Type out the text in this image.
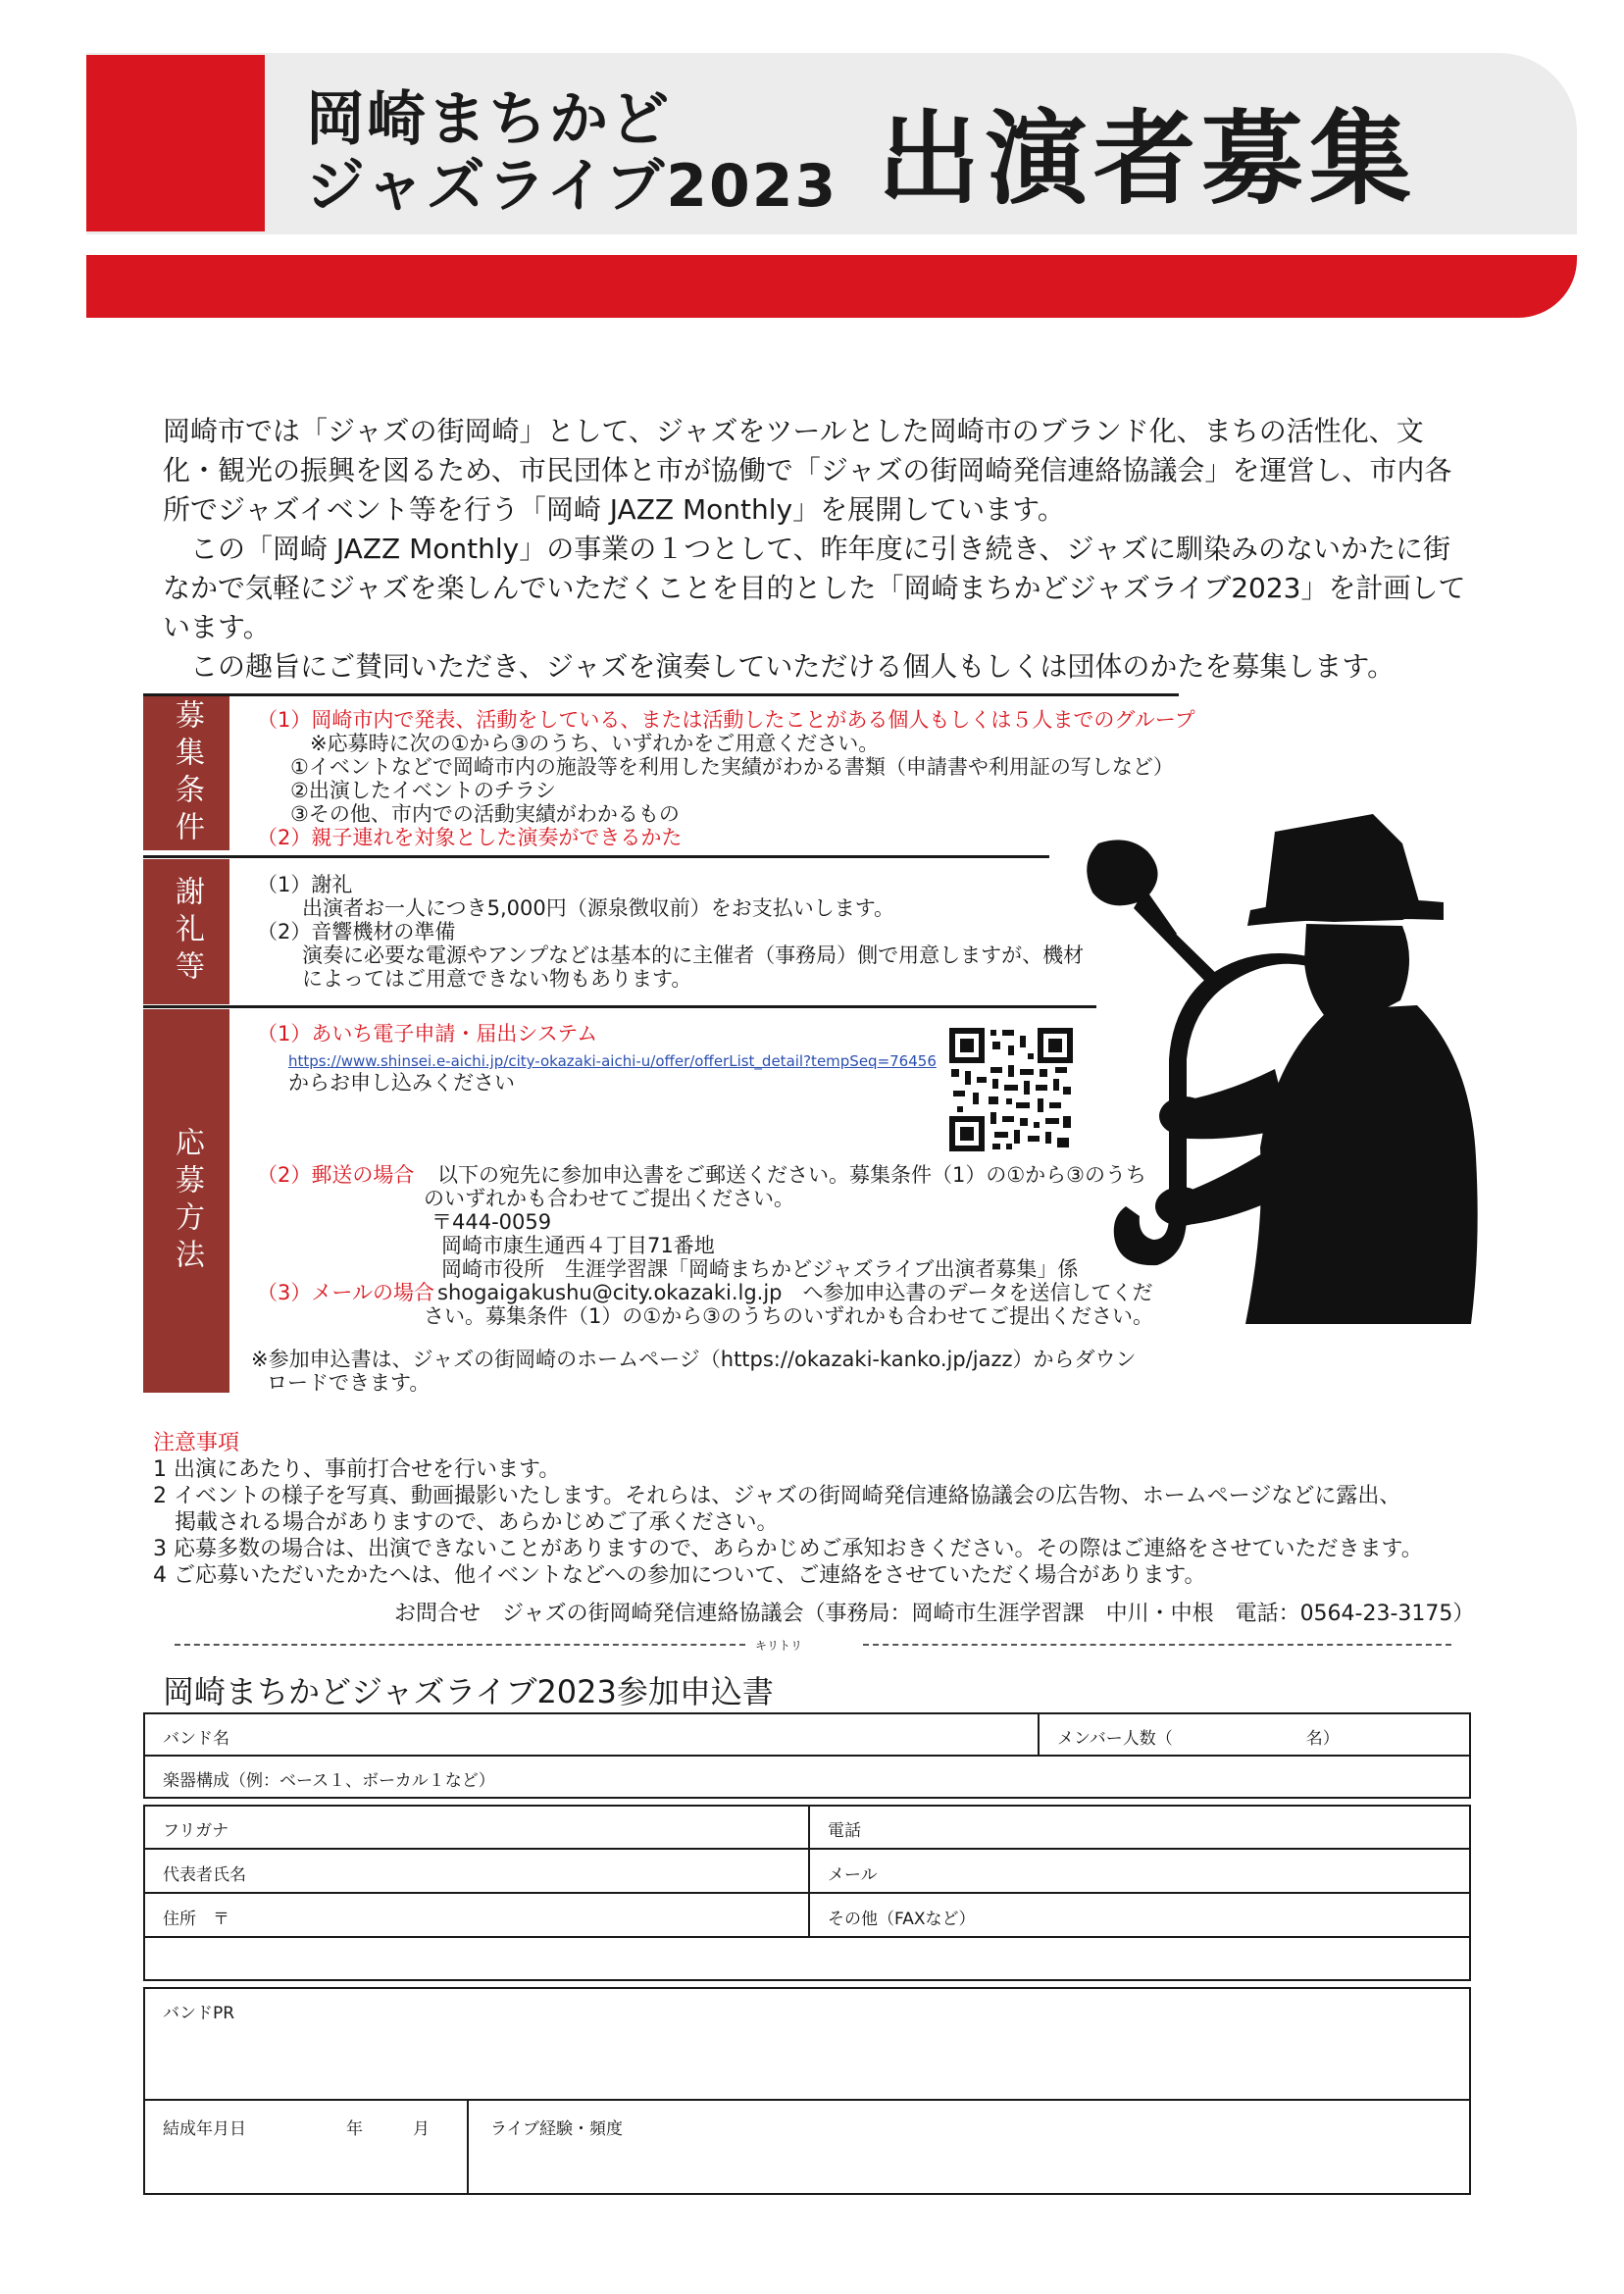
岡崎まちかど
ジャズライブ2023 出演者募集

岡崎市では「ジャズの街岡崎」として、ジャズをツールとした岡崎市のブランド化、まちの活性化、文化・観光の振興を図るため、市民団体と市が協働で「ジャズの街岡崎発信連絡協議会」を運営し、市内各所でジャズイベント等を行う「岡崎 JAZZ Monthly」を展開しています。

この「岡崎 JAZZ Monthly」の事業の１つとして、昨年度に引き続き、ジャズに馴染みのないかたに街なかで気軽にジャズを楽しんでいただくことを目的とした「岡崎まちかどジャズライブ2023」を計画しています。

この趣旨にご賛同いただき、ジャズを演奏していただける個人もしくは団体のかたを募集します。

募集条件	（1）岡崎市内で発表、活動をしている、または活動したことがある個人もしくは５人までのグループ
※応募時に次の①から③のうち、いずれかをご用意ください。
①イベントなどで岡崎市内の施設等を利用した実績がわかる書類（申請書や利用証の写しなど）
②出演したイベントのチラシ
③その他、市内での活動実績がわかるもの
（2）親子連れを対象とした演奏ができるかた
謝礼等	（1）謝礼
出演者お一人につき5,000円（源泉徴収前）をお支払いします。
（2）音響機材の準備
演奏に必要な電源やアンプなどは基本的に主催者（事務局）側で用意しますが、機材
によってはご用意できない物もあります。
応募方法
（1）あいち電子申請・届出システム
https://www.shinsei.e-aichi.jp/city-okazaki-aichi-u/offer/offerList_detail?tempSeq=76456
からお申し込みください
（2）郵送の場合 以下の宛先に参加申込書をご郵送ください。募集条件（1）の①から③のうち
のいずれかも合わせてご提出ください。
〒444-0059
岡崎市康生通西４丁目71番地
岡崎市役所　生涯学習課「岡崎まちかどジャズライブ出演者募集」係
（3）メールの場合 shogaigakushu@city.okazaki.lg.jp　へ参加申込書のデータを送信してくだ
さい。募集条件（1）の①から③のうちのいずれかも合わせてご提出ください。
※参加申込書は、ジャズの街岡崎のホームページ（https://okazaki-kanko.jp/jazz）からダウン
ロードできます。
注意事項
1 出演にあたり、事前打合せを行います。
2 イベントの様子を写真、動画撮影いたします。それらは、ジャズの街岡崎発信連絡協議会の広告物、ホームページなどに露出、
　掲載される場合がありますので、あらかじめご了承ください。
3 応募多数の場合は、出演できないことがありますので、あらかじめご承知おきください。その際はご連絡をさせていただきます。
4 ご応募いただいたかたへは、他イベントなどへの参加について、ご連絡をさせていただく場合があります。
お問合せ　ジャズの街岡崎発信連絡協議会（事務局：岡崎市生涯学習課　中川・中根　電話：0564-23-3175）
キリトリ
岡崎まちかどジャズライブ2023参加申込書
バンド名	メンバー人数（　　　　　　　　名）
楽器構成（例：ベース１、ボーカル１など）
フリガナ	電話
代表者氏名	メール
住所　〒	その他（FAXなど）
バンドPR
結成年月日　　　　　　年　　　月	ライブ経験・頻度
